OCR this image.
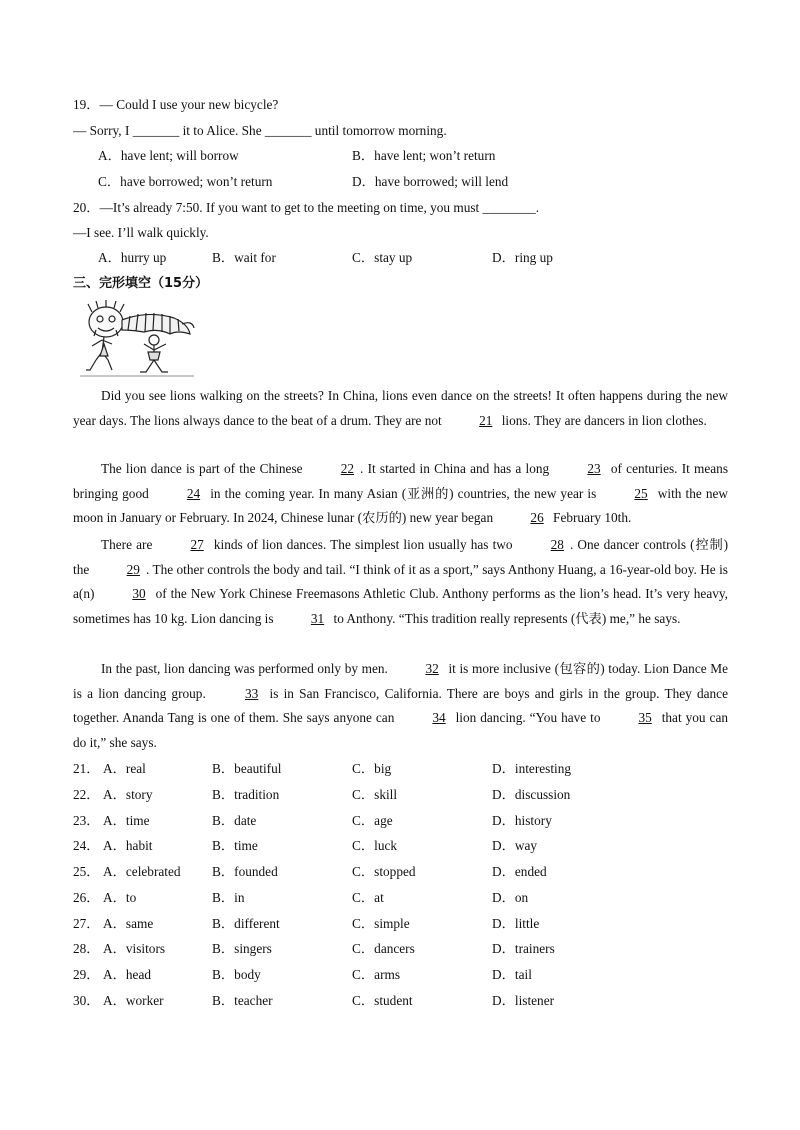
19．— Could I use your new bicycle?
— Sorry, I _______ it to Alice. She _______ until tomorrow morning.
A．have lent; will borrow	B．have lent; won’t return
C．have borrowed; won’t return	D．have borrowed; will lend
20．—It’s already 7:50. If you want to get to the meeting on time, you must ________.
—I see. I’ll walk quickly.
A．hurry up	B．wait for	C．stay up	D．ring up
三、完形填空（15分）
Did you see lions walking on the streets? In China, lions even dance on the streets! It often happens during the new year days. The lions always dance to the beat of a drum. They are not	21 lions. They are dancers in lion clothes.
The lion dance is part of the Chinese	22 . It started in China and has a long	23 of centuries. It means bringing good	24 in the coming year. In many Asian (亚洲的) countries, the new year is	25 with the new moon in January or February. In 2024, Chinese lunar (农历的) new year began	26 February 10th.
There are	27 kinds of lion dances. The simplest lion usually has two	28 . One dancer controls (控制) the	29 . The other controls the body and tail. “I think of it as a sport,” says Anthony Huang, a 16-year-old boy. He is a(n)	30 of the New York Chinese Freemasons Athletic Club. Anthony performs as the lion’s head. It’s very heavy, sometimes has 10 kg. Lion dancing is	31 to Anthony. “This tradition really represents (代表) me,” he says.
In the past, lion dancing was performed only by men.	32 it is more inclusive (包容的) today. Lion Dance Me is a lion dancing group.	33 is in San Francisco, California. There are boys and girls in the group. They dance together. Ananda Tang is one of them. She says anyone can	34 lion dancing. “You have to	35 that you can do it,” she says.
21． A．real	B．beautiful	C．big	D．interesting
22． A．story	B．tradition	C．skill	D．discussion
23． A．time	B．date	C．age	D．history
24． A．habit	B．time	C．luck	D．way
25． A．celebrated B．founded	C．stopped	D．ended
26． A．to	B．in	C．at	D．on
27． A．same	B．different	C．simple	D．little
28． A．visitors	B．singers	C．dancers	D．trainers
29． A．head	B．body	C．arms	D．tail
30． A．worker	B．teacher	C．student	D．listener
